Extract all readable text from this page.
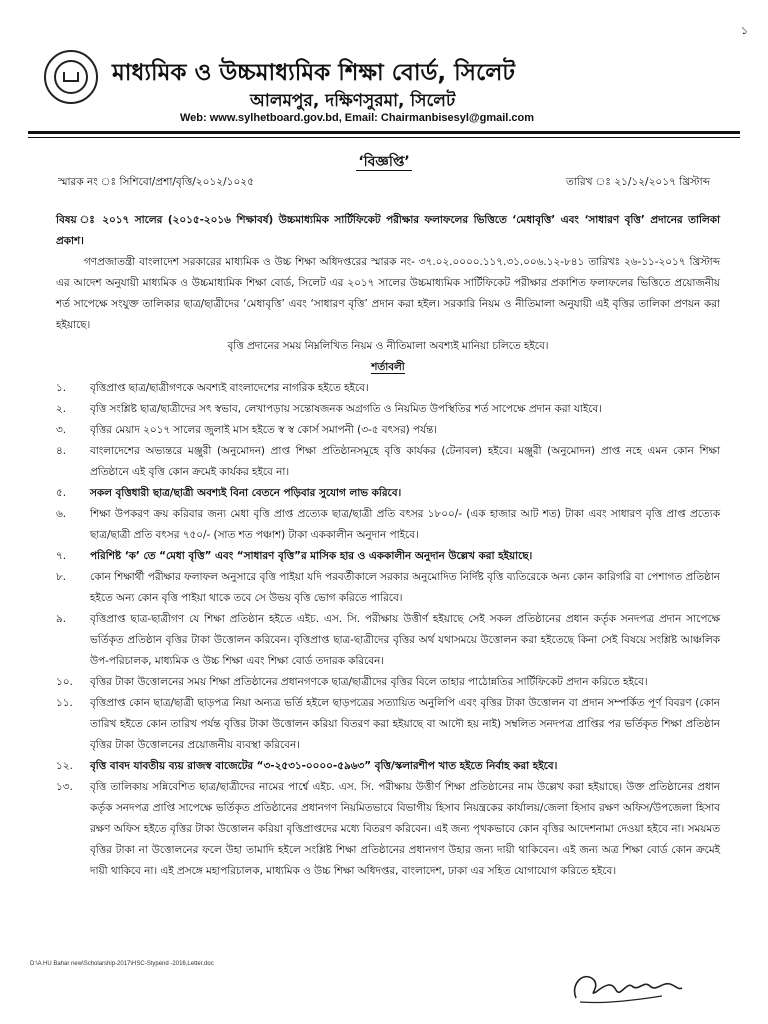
১
মাধ্যমিক ও উচ্চমাধ্যমিক শিক্ষা বোর্ড, সিলেট
আলমপুর, দক্ষিণসুরমা, সিলেট
Web: www.sylhetboard.gov.bd, Email: Chairmanbisesyl@gmail.com
‘বিজ্ঞপ্তি’
স্মারক নং ঃ সিশিবো/প্রশা/বৃত্তি/২০১২/১০২৫	তারিখ ঃ ২১/১২/২০১৭ খ্রিস্টাব্দ

বিষয় ঃ ২০১৭ সালের (২০১৫-২০১৬ শিক্ষাবর্ষ) উচ্চমাধ্যমিক সার্টিফিকেট পরীক্ষার ফলাফলের ভিত্তিতে ‘মেধাবৃত্তি’ এবং ‘সাধারণ বৃত্তি’ প্রদানের তালিকা প্রকাশ।

গণপ্রজাতন্ত্রী বাংলাদেশ সরকারের মাধ্যমিক ও উচ্চ শিক্ষা অধিদপ্তরের স্মারক নং- ৩৭.০২.০০০০.১১৭.৩১.০০৬.১২-৮৪১ তারিখঃ ২৬-১১-২০১৭ খ্রিস্টাব্দ এর আদেশ অনুযায়ী মাধ্যমিক ও উচ্চমাধ্যমিক শিক্ষা বোর্ড, সিলেট এর ২০১৭ সালের উচ্চমাধ্যমিক সার্টিফিকেট পরীক্ষার প্রকাশিত ফলাফলের ভিত্তিতে প্রয়োজনীয় শর্ত সাপেক্ষে সংযুক্ত তালিকার ছাত্র/ছাত্রীদের ‘মেধাবৃত্তি’ এবং ‘সাধারণ বৃত্তি’ প্রদান করা হইল। সরকারি নিয়ম ও নীতিমালা অনুযায়ী এই বৃত্তির তালিকা প্রণয়ন করা হইয়াছে।

বৃত্তি প্রদানের সময় নিম্নলিখিত নিয়ম ও নীতিমালা অবশ্যই মানিয়া চলিতে হইবে।

শর্তাবলী

১.	বৃত্তিপ্রাপ্ত ছাত্র/ছাত্রীগণকে অবশ্যই বাংলাদেশের নাগরিক হইতে হইবে।
২.	বৃত্তি সংশ্লিষ্ট ছাত্র/ছাত্রীদের সৎ স্বভাব, লেখাপড়ায় সন্তোষজনক অগ্রগতি ও নিয়মিত উপস্থিতির শর্ত সাপেক্ষে প্রদান করা যাইবে।
৩.	বৃত্তির মেয়াদ ২০১৭ সালের জুলাই মাস হইতে স্ব স্ব কোর্স সমাপনী (৩-৫ বৎসর) পর্যন্ত।
৪.	বাংলাদেশের অভ্যন্তরে মঞ্জুরী (অনুমোদন) প্রাপ্ত শিক্ষা প্রতিষ্ঠানসমূহে বৃত্তি কার্যকর (টেনাবল) হইবে। মঞ্জুরী (অনুমোদন) প্রাপ্ত নহে এমন কোন শিক্ষা প্রতিষ্ঠানে এই বৃত্তি কোন ক্রমেই কার্যকর হইবে না।
৫.	সকল বৃত্তিধারী ছাত্র/ছাত্রী অবশ্যই বিনা বেতনে পড়িবার সুযোগ লাভ করিবে।
৬.	শিক্ষা উপকরণ ক্রয় করিবার জন্য মেধা বৃত্তি প্রাপ্ত প্রত্যেক ছাত্র/ছাত্রী প্রতি বৎসর ১৮০০/- (এক হাজার আট শত) টাকা এবং সাধারণ বৃত্তি প্রাপ্ত প্রত্যেক ছাত্র/ছাত্রী প্রতি বৎসর ৭৫০/- (সাত শত পঞ্চাশ) টাকা এককালীন অনুদান পাইবে।
৭.	পরিশিষ্ট ‘ক’ তে “মেধা বৃত্তি” এবং “সাধারণ বৃত্তি”র মাসিক হার ও এককালীন অনুদান উল্লেখ করা হইয়াছে।
৮.	কোন শিক্ষার্থী পরীক্ষার ফলাফল অনুসারে বৃত্তি পাইয়া যদি পরবর্তীকালে সরকার অনুমোদিত নির্দিষ্ট বৃত্তি ব্যতিরেকে অন্য কোন কারিগরি বা পেশাগত প্রতিষ্ঠান হইতে অন্য কোন বৃত্তি পাইয়া থাকে তবে সে উভয় বৃত্তি ভোগ করিতে পারিবে।
৯.	বৃত্তিপ্রাপ্ত ছাত্র-ছাত্রীগণ যে শিক্ষা প্রতিষ্ঠান হইতে এইচ. এস. সি. পরীক্ষায় উত্তীর্ণ হইয়াছে সেই সকল প্রতিষ্ঠানের প্রধান কর্তৃক সনদপত্র প্রদান সাপেক্ষে ভর্তিকৃত প্রতিষ্ঠান বৃত্তির টাকা উত্তোলন করিবেন। বৃত্তিপ্রাপ্ত ছাত্র-ছাত্রীদের বৃত্তির অর্থ যথাসময়ে উত্তোলন করা হইতেছে কিনা সেই বিষয়ে সংশ্লিষ্ট আঞ্চলিক উপ-পরিচালক, মাধ্যমিক ও উচ্চ শিক্ষা এবং শিক্ষা বোর্ড তদারক করিবেন।
১০.	বৃত্তির টাকা উত্তোলনের সময় শিক্ষা প্রতিষ্ঠানের প্রধানগণকে ছাত্র/ছাত্রীদের বৃত্তির বিলে তাহার পাঠোন্নতির সার্টিফিকেট প্রদান করিতে হইবে।
১১.	বৃত্তিপ্রাপ্ত কোন ছাত্র/ছাত্রী ছাড়পত্র নিয়া অন্যত্র ভর্তি হইলে ছাড়পত্রের সত্যায়িত অনুলিপি এবং বৃত্তির টাকা উত্তোলন বা প্রদান সম্পর্কিত পূর্ণ বিবরণ (কোন তারিখ হইতে কোন তারিখ পর্যন্ত বৃত্তির টাকা উত্তোলন করিয়া বিতরণ করা হইয়াছে বা আদৌ হয় নাই) সম্বলিত সনদপত্র প্রাপ্তির পর ভর্তিকৃত শিক্ষা প্রতিষ্ঠান বৃত্তির টাকা উত্তোলনের প্রয়োজনীয় ব্যবস্থা করিবেন।
১২.	বৃত্তি বাবদ যাবতীয় ব্যয় রাজস্ব বাজেটের “৩-২৫৩১-০০০০-৫৯৬৩” বৃত্তি/স্কলারশীপ খাত হইতে নির্বাহ করা হইবে।
১৩.	বৃত্তি তালিকায় সন্নিবেশিত ছাত্র/ছাত্রীদের নামের পার্শ্বে এইচ. এস. সি. পরীক্ষায় উত্তীর্ণ শিক্ষা প্রতিষ্ঠানের নাম উল্লেখ করা হইয়াছে। উক্ত প্রতিষ্ঠানের প্রধান কর্তৃক সনদপত্র প্রাপ্তি সাপেক্ষে ভর্তিকৃত প্রতিষ্ঠানের প্রধানগণ নিয়মিতভাবে বিভাগীয় হিসাব নিয়ন্ত্রকের কার্যালয়/জেলা হিসাব রক্ষণ অফিস/উপজেলা হিসাব রক্ষণ অফিস হইতে বৃত্তির টাকা উত্তোলন করিয়া বৃত্তিপ্রাপ্তদের মধ্যে বিতরণ করিবেন। এই জন্য পৃথকভাবে কোন বৃত্তির আদেশনামা দেওয়া হইবে না। সময়মত বৃত্তির টাকা না উত্তোলনের ফলে উহা তামাদি হইলে সংশ্লিষ্ট শিক্ষা প্রতিষ্ঠানের প্রধানগণ উহার জন্য দায়ী থাকিবেন। এই জন্য অত্র শিক্ষা বোর্ড কোন ক্রমেই দায়ী থাকিবে না। এই প্রসঙ্গে মহাপরিচালক, মাধ্যমিক ও উচ্চ শিক্ষা অধিদপ্তর, বাংলাদেশ, ঢাকা এর সহিত যোগাযোগ করিতে হইবে।
D:\A HU Bahar new\Scholarship-2017\HSC-Stypend -2016,Letter.doc
